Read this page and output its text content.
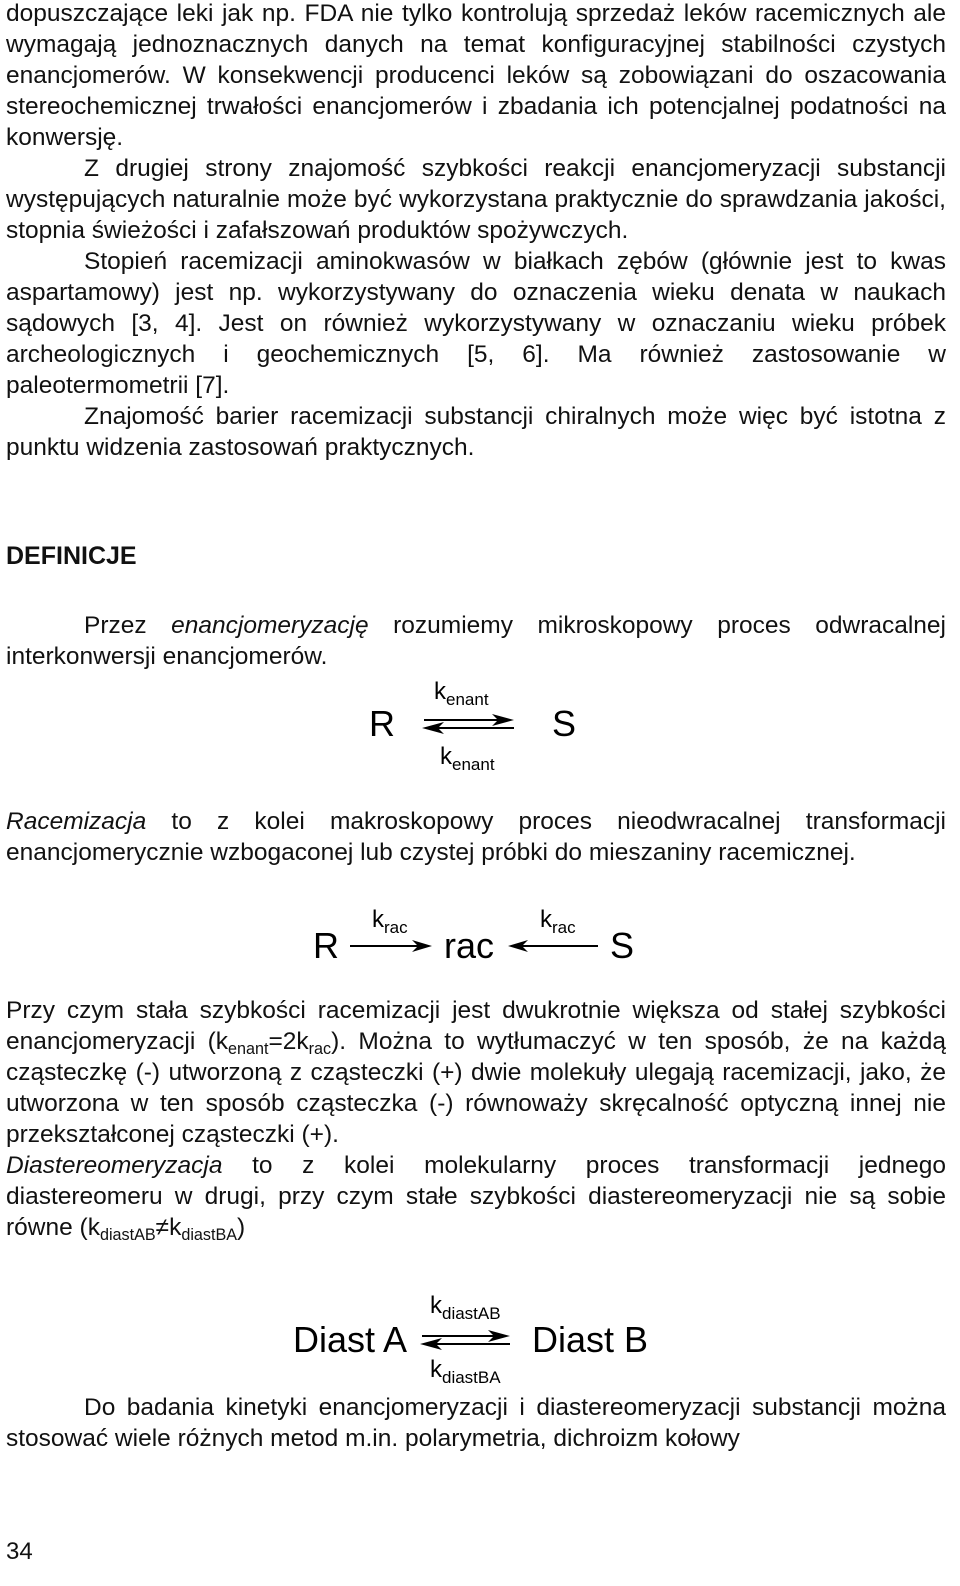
dopuszczające leki jak np. FDA nie tylko kontrolują sprzedaż leków racemicznych ale wymagają jednoznacznych danych na temat konfiguracyjnej stabilności czystych enancjomerów. W konsekwencji producenci leków są zobowiązani do oszacowania stereochemicznej trwałości enancjomerów i zbadania ich potencjalnej podatności na konwersję.

Z drugiej strony znajomość szybkości reakcji enancjomeryzacji substancji występujących naturalnie może być wykorzystana praktycznie do sprawdzania jakości, stopnia świeżości i zafałszowań produktów spożywczych.

Stopień racemizacji aminokwasów w białkach zębów (głównie jest to kwas aspartamowy) jest np. wykorzystywany do oznaczenia wieku denata w naukach sądowych [3, 4]. Jest on również wykorzystywany w oznaczaniu wieku próbek archeologicznych i geochemicznych [5, 6]. Ma również zastosowanie w paleotermometrii [7].

Znajomość barier racemizacji substancji chiralnych może więc być istotna z punktu widzenia zastosowań praktycznych.

DEFINICJE

Przez enancjomeryzację rozumiemy mikroskopowy proces odwracalnej interkonwersji enancjomerów.

Racemizacja to z kolei makroskopowy proces nieodwracalnej transformacji enancjomerycznie wzbogaconej lub czystej próbki do mieszaniny racemicznej.

Przy czym stała szybkości racemizacji jest dwukrotnie większa od stałej szybkości enancjomeryzacji $(k_{enant}=2k_{rac})$. Można to wytłumaczyć w ten sposób, że na każdą cząsteczkę (-) utworzoną z cząsteczki (+) dwie molekuły ulegają racemizacji, jako, że utworzona w ten sposób cząsteczka (-) równoważy skręcalność optyczną innej nie przekształconej cząsteczki (+).

Diastereomeryzacja to z kolei molekularny proces transformacji jednego diastereomeru w drugi, przy czym stałe szybkości diastereomeryzacji nie są sobie równe $(k_{diastAB}\ne k_{diastBA})$

Do badania kinetyki enancjomeryzacji i diastereomeryzacji substancji można stosować wiele różnych metod m.in. polarymetria, dichroizm kołowy

$k_{enant}$
R	S
$k_{enant}$
R
$k_{rac}$ rac
$k_{rac}$ S
$k_{diastAB}$
Diast A	Diast B
$k_{diastBA}$
34
